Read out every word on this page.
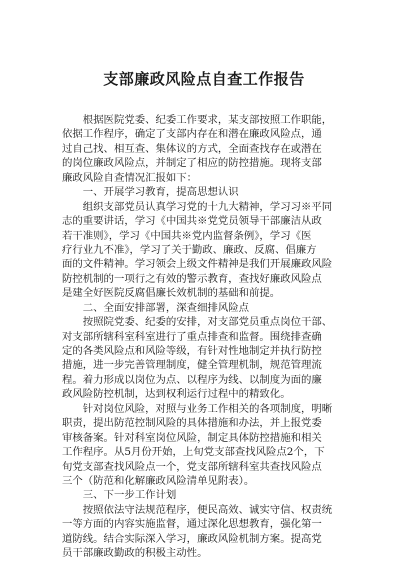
支部廉政风险点自查工作报告
　　根据医院党委、纪委工作要求，某支部按照工作职能，
依据工作程序，确定了支部内存在和潜在廉政风险点，通
过自己找、相互查、集体议的方式，全面查找存在或潜在
的岗位廉政风险点，并制定了相应的防控措施。现将支部
廉政风险自查情况汇报如下：
　　一、开展学习教育，提高思想认识
　　组织支部党员认真学习党的十九大精神，学习习※平同
志的重要讲话，学习《中国共※党党员领导干部廉洁从政
若干准则》，学习《中国共※党内监督条例》，学习《医
疗行业九不准》，学习了关于勤政、廉政、反腐、倡廉方
面的文件精神。学习领会上级文件精神是我们开展廉政风险
防控机制的一项行之有效的警示教育，查找好廉政风险点
是建全好医院反腐倡廉长效机制的基础和前提。
　　二、全面安排部署，深查细排风险点
　　按照院党委、纪委的安排，对支部党员重点岗位干部、
对支部所辖科室科室进行了重点排查和监督。围绕排查确
定的各类风险点和风险等级，有针对性地制定并执行防控
措施，进一步完善管理制度，健全管理机制，规范管理流
程。着力形成以岗位为点、以程序为线、以制度为面的廉
政风险防控机制，达到权利运行过程中的精致化。
　　针对岗位风险，对照与业务工作相关的各项制度，明晰
职责，提出防范控制风险的具体措施和办法，并上报党委
审核备案。针对科室岗位风险，制定具体防控措施和相关
工作程序。从5月份开始，上旬党支部查找风险点2个，下
旬党支部查找风险点一个，党支部所辖科室共查找风险点
三个（防范和化解廉政风险清单见附表）。
　　三、下一步工作计划
　　按照依法守法规范程序，便民高效、诚实守信、权责统
一等方面的内容实施监督，通过深化思想教育，强化第一
道防线。结合实际深入学习，廉政风险机制方案。提高党
员干部廉政勤政的积极主动性。
